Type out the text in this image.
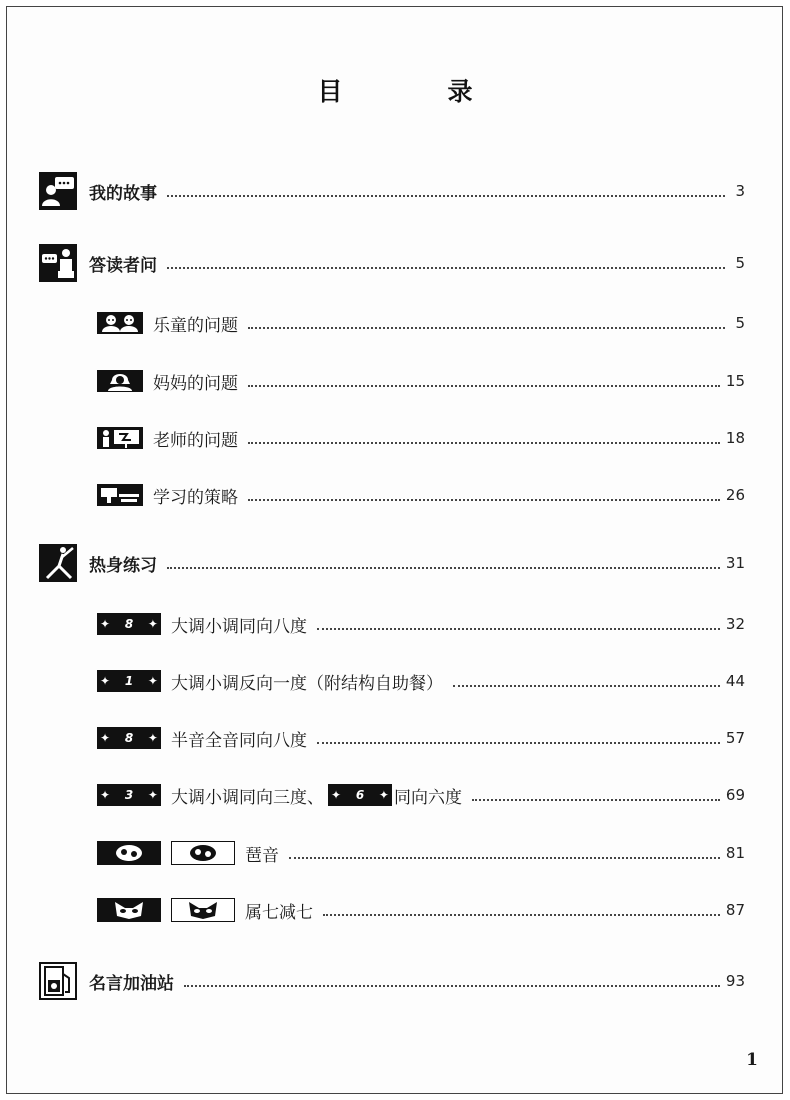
目　录
我的故事	3
答读者问	5
乐童的问题	5
妈妈的问题	15
老师的问题	18
学习的策略	26
热身练习	31
✦ 8 ✦ 大调小调同向八度	32
✦ 1 ✦ 大调小调反向一度（附结构自助餐）	44
✦ 8 ✦ 半音全音同向八度	57
✦ 3 ✦ 大调小调同向三度、 ✦ 6 ✦ 同向六度	69
琶音	81
属七减七	87
名言加油站	93
1
